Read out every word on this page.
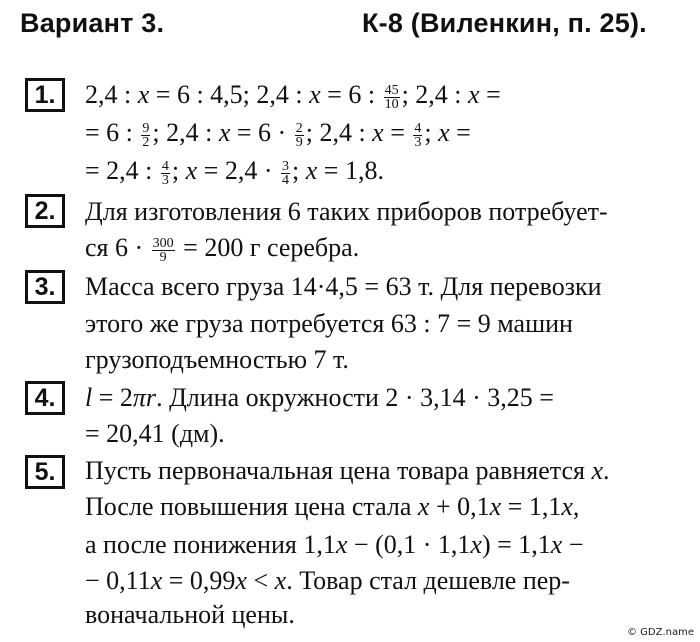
Вариант 3.	К-8 (Виленкин, п. 25).
1.	2,4 : x = 6 : 4,5; 2,4 : x = 6 : $\frac{45}{10}$ ; 2,4 : x =
= 6 : $\frac{9}{2}$ ; 2,4 : $x = 6 \cdot \frac{2}{9}$ ; 2,4 : $x = \frac{4}{3}$ ; x =
= 2,4 : $\frac{4}{3}$ ; $x = 2,4 \cdot \frac{3}{4}$ ; x = 1,8.
2.	Для изготовления 6 таких приборов потребует-
ся $6 \cdot \frac{300}{9} = 200$ г серебра.
3.	Масса всего груза 14·4,5 = 63 т. Для перевозки
этого же груза потребуется 63 : 7 = 9 машин
грузоподъемностью 7 т.
4.	l = 2πr. Длина окружности 2 · 3,14 · 3,25 =
= 20,41 (дм).
5.	Пусть первоначальная цена товара равняется x.
После повышения цена стала x + 0,1x = 1,1x,
а после понижения 1,1x − (0,1 · 1,1x) = 1,1x −
− 0,11x = 0,99x < x. Товар стал дешевле пер-
воначальной цены.
© GDZ.name
